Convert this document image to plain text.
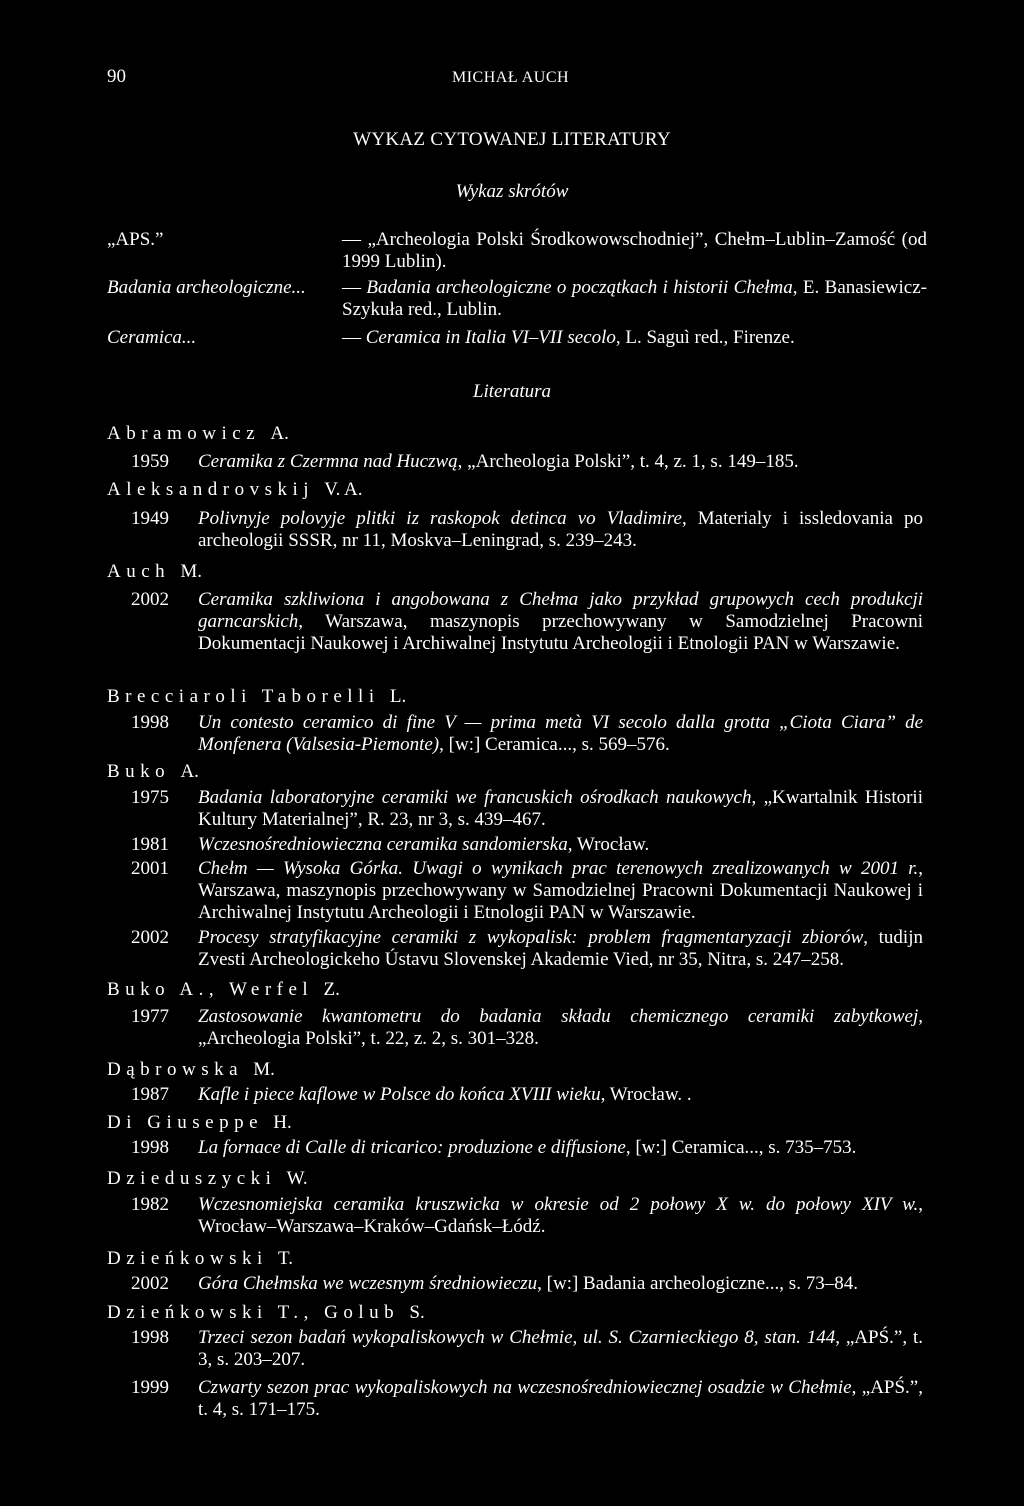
90	MICHAŁ AUCH
WYKAZ CYTOWANEJ LITERATURY
Wykaz skrótów
„APS.”	— „Archeologia Polski Środkowowschodniej”, Chełm–Lublin–Zamość (od 1999 Lublin).
Badania archeologiczne... — Badania archeologiczne o początkach i historii Chełma, E. Banasiewicz-Szykuła red., Lublin.
Ceramica...	— Ceramica in Italia VI–VII secolo, L. Saguì red., Firenze.
Literatura
Abramowicz A.
1959 Ceramika z Czermna nad Huczwą, „Archeologia Polski”, t. 4, z. 1, s. 149–185.
Aleksandrovskij V. A.
1949 Polivnyje polovyje plitki iz raskopok detinca vo Vladimire, Materialy i issledovania po archeologii SSSR, nr 11, Moskva–Leningrad, s. 239–243.
Auch M.
2002 Ceramika szkliwiona i angobowana z Chełma jako przykład grupowych cech produkcji garncarskich, Warszawa, maszynopis przechowywany w Samodzielnej Pracowni Dokumentacji Naukowej i Archiwalnej Instytutu Archeologii i Etnologii PAN w Warszawie.
Brecciaroli Taborelli L.
1998 Un contesto ceramico di fine V — prima metà VI secolo dalla grotta „Ciota Ciara” de Monfenera (Valsesia-Piemonte), [w:] Ceramica..., s. 569–576.
Buko A.
1975 Badania laboratoryjne ceramiki we francuskich ośrodkach naukowych, „Kwartalnik Historii Kultury Materialnej”, R. 23, nr 3, s. 439–467.
1981 Wczesnośredniowieczna ceramika sandomierska, Wrocław.
2001 Chełm — Wysoka Górka. Uwagi o wynikach prac terenowych zrealizowanych w 2001 r., Warszawa, maszynopis przechowywany w Samodzielnej Pracowni Dokumentacji Naukowej i Archiwalnej Instytutu Archeologii i Etnologii PAN w Warszawie.
2002 Procesy stratyfikacyjne ceramiki z wykopalisk: problem fragmentaryzacji zbiorów, tudijn Zvesti Archeologickeho Ústavu Slovenskej Akademie Vied, nr 35, Nitra, s. 247–258.
Buko A., Werfel Z.
1977 Zastosowanie kwantometru do badania składu chemicznego ceramiki zabytkowej, „Archeologia Polski”, t. 22, z. 2, s. 301–328.
Dąbrowska M.
1987 Kafle i piece kaflowe w Polsce do końca XVIII wieku, Wrocław. .
Di Giuseppe H.
1998 La fornace di Calle di tricarico: produzione e diffusione, [w:] Ceramica..., s. 735–753.
Dzieduszycki W.
1982 Wczesnomiejska ceramika kruszwicka w okresie od 2 połowy X w. do połowy XIV w., Wrocław–Warszawa–Kraków–Gdańsk–Łódź.
Dzieńkowski T.
2002 Góra Chełmska we wczesnym średniowieczu, [w:] Badania archeologiczne..., s. 73–84.
Dzieńkowski T., Golub S.
1998 Trzeci sezon badań wykopaliskowych w Chełmie, ul. S. Czarnieckiego 8, stan. 144, „APŚ.”, t. 3, s. 203–207.
1999 Czwarty sezon prac wykopaliskowych na wczesnośredniowiecznej osadzie w Chełmie, „APŚ.”, t. 4, s. 171–175.
